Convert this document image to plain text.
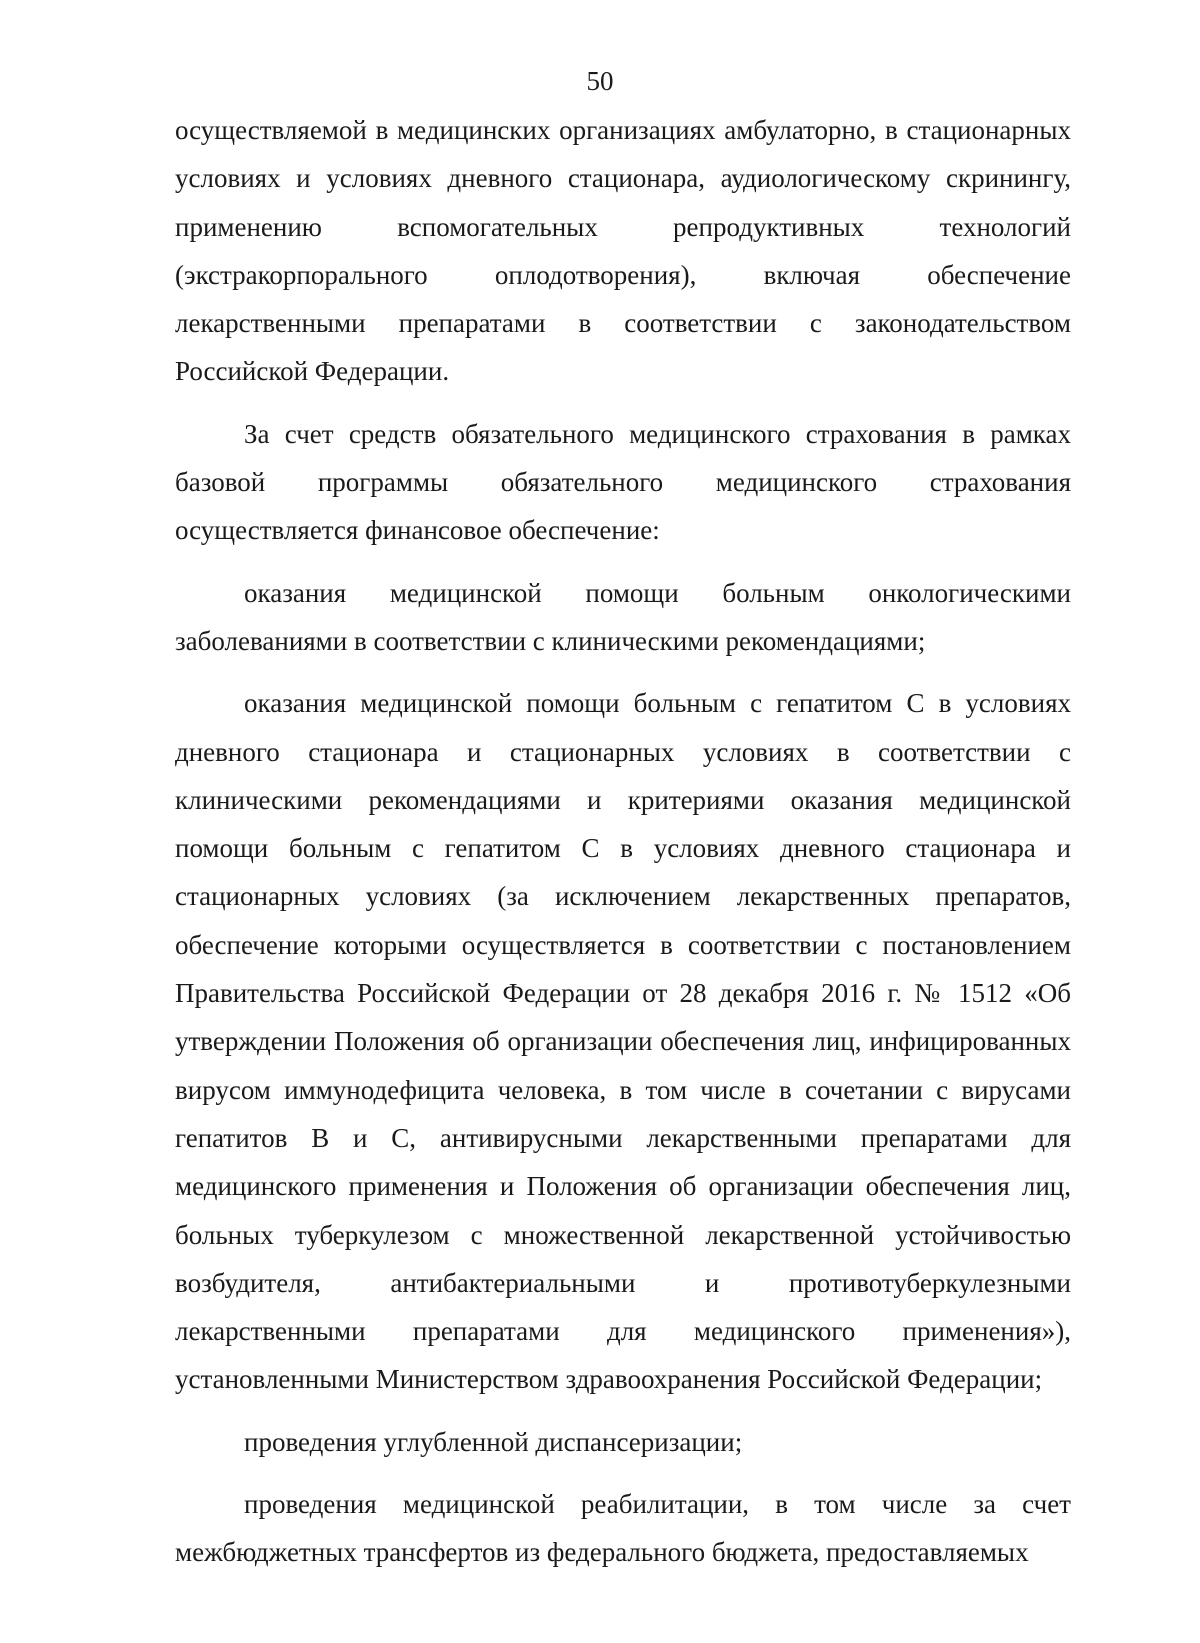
50

осуществляемой в медицинских организациях амбулаторно, в стационарных условиях и условиях дневного стационара, аудиологическому скринингу, применению вспомогательных репродуктивных технологий (экстракорпорального оплодотворения), включая обеспечение лекарственными препаратами в соответствии с законодательством Российской Федерации.

За счет средств обязательного медицинского страхования в рамках базовой программы обязательного медицинского страхования осуществляется финансовое обеспечение:

оказания медицинской помощи больным онкологическими заболеваниями в соответствии с клиническими рекомендациями;

оказания медицинской помощи больным с гепатитом С в условиях дневного стационара и стационарных условиях в соответствии с клиническими рекомендациями и критериями оказания медицинской помощи больным с гепатитом С в условиях дневного стационара и стационарных условиях (за исключением лекарственных препаратов, обеспечение которыми осуществляется в соответствии с постановлением Правительства Российской Федерации от 28 декабря 2016 г. № 1512 «Об утверждении Положения об организации обеспечения лиц, инфицированных вирусом иммунодефицита человека, в том числе в сочетании с вирусами гепатитов B и C, антивирусными лекарственными препаратами для медицинского применения и Положения об организации обеспечения лиц, больных туберкулезом с множественной лекарственной устойчивостью возбудителя, антибактериальными и противотуберкулезными лекарственными препаратами для медицинского применения»), установленными Министерством здравоохранения Российской Федерации;

проведения углубленной диспансеризации;

проведения медицинской реабилитации, в том числе за счет межбюджетных трансфертов из федерального бюджета, предоставляемых
